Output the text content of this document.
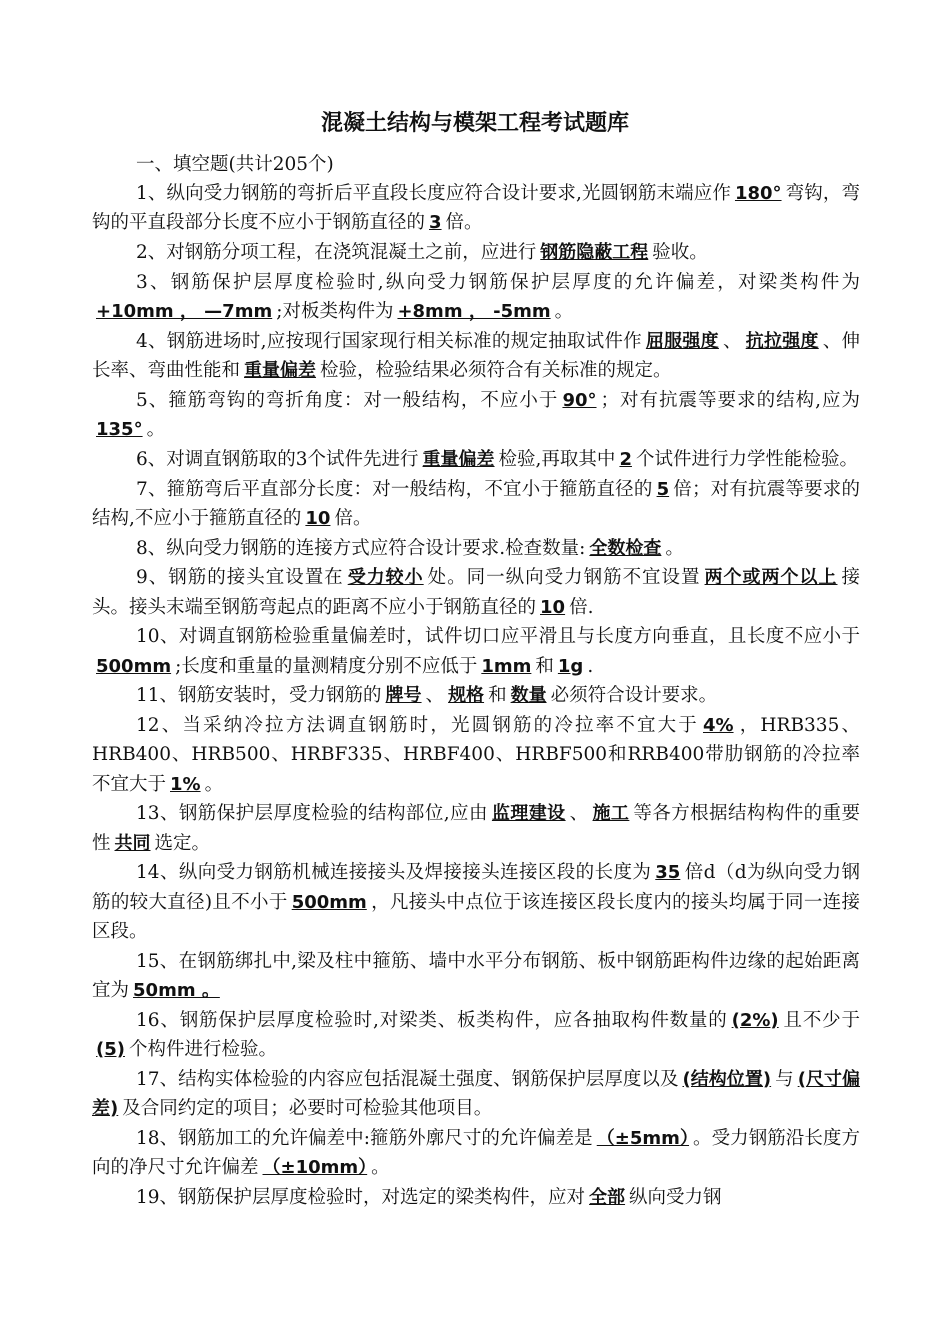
混凝土结构与模架工程考试题库
一、填空题(共计205个)
1、纵向受力钢筋的弯折后平直段长度应符合设计要求,光圆钢筋末端应作 180° 弯钩，弯钩的平直段部分长度不应小于钢筋直径的 3 倍。
2、对钢筋分项工程，在浇筑混凝土之前，应进行 钢筋隐蔽工程 验收。
3、钢筋保护层厚度检验时,纵向受力钢筋保护层厚度的允许偏差，对梁类构件为+10mm ， —7mm ;对板类构件为 +8mm ， -5mm 。
4、钢筋进场时,应按现行国家现行相关标准的规定抽取试件作 屈服强度 、 抗拉强度 、伸长率、弯曲性能和 重量偏差 检验，检验结果必须符合有关标准的规定。
5、箍筋弯钩的弯折角度：对一般结构，不应小于 90° ；对有抗震等要求的结构,应为135° 。
6、对调直钢筋取的3个试件先进行 重量偏差 检验,再取其中 2 个试件进行力学性能检验。
7、箍筋弯后平直部分长度：对一般结构，不宜小于箍筋直径的 5 倍；对有抗震等要求的结构,不应小于箍筋直径的 10 倍。
8、纵向受力钢筋的连接方式应符合设计要求.检查数量: 全数检查 。
9、钢筋的接头宜设置在 受力较小 处。同一纵向受力钢筋不宜设置 两个或两个以上 接头。接头末端至钢筋弯起点的距离不应小于钢筋直径的 10 倍.
10、对调直钢筋检验重量偏差时，试件切口应平滑且与长度方向垂直，且长度不应小于500mm ;长度和重量的量测精度分别不应低于 1mm 和 1g .
11、钢筋安装时，受力钢筋的 牌号 、 规格 和 数量 必须符合设计要求。
12、当采纳冷拉方法调直钢筋时，光圆钢筋的冷拉率不宜大于 4% ，HRB335、HRB400、HRB500、HRBF335、HRBF400、HRBF500和RRB400带肋钢筋的冷拉率不宜大于 1% 。
13、钢筋保护层厚度检验的结构部位,应由 监理建设 、 施工 等各方根据结构构件的重要性 共同 选定。
14、纵向受力钢筋机械连接接头及焊接接头连接区段的长度为 35 倍d（d为纵向受力钢筋的较大直径)且不小于 500mm ，凡接头中点位于该连接区段长度内的接头均属于同一连接区段。
15、在钢筋绑扎中,梁及柱中箍筋、墙中水平分布钢筋、板中钢筋距构件边缘的起始距离宜为 50mm 。
16、钢筋保护层厚度检验时,对梁类、板类构件，应各抽取构件数量的 (2%) 且不少于(5) 个构件进行检验。
17、结构实体检验的内容应包括混凝土强度、钢筋保护层厚度以及 (结构位置) 与 (尺寸偏差) 及合同约定的项目；必要时可检验其他项目。
18、钢筋加工的允许偏差中:箍筋外廓尺寸的允许偏差是 （±5mm） 。受力钢筋沿长度方向的净尺寸允许偏差 （±10mm） 。
19、钢筋保护层厚度检验时，对选定的梁类构件，应对 全部 纵向受力钢
